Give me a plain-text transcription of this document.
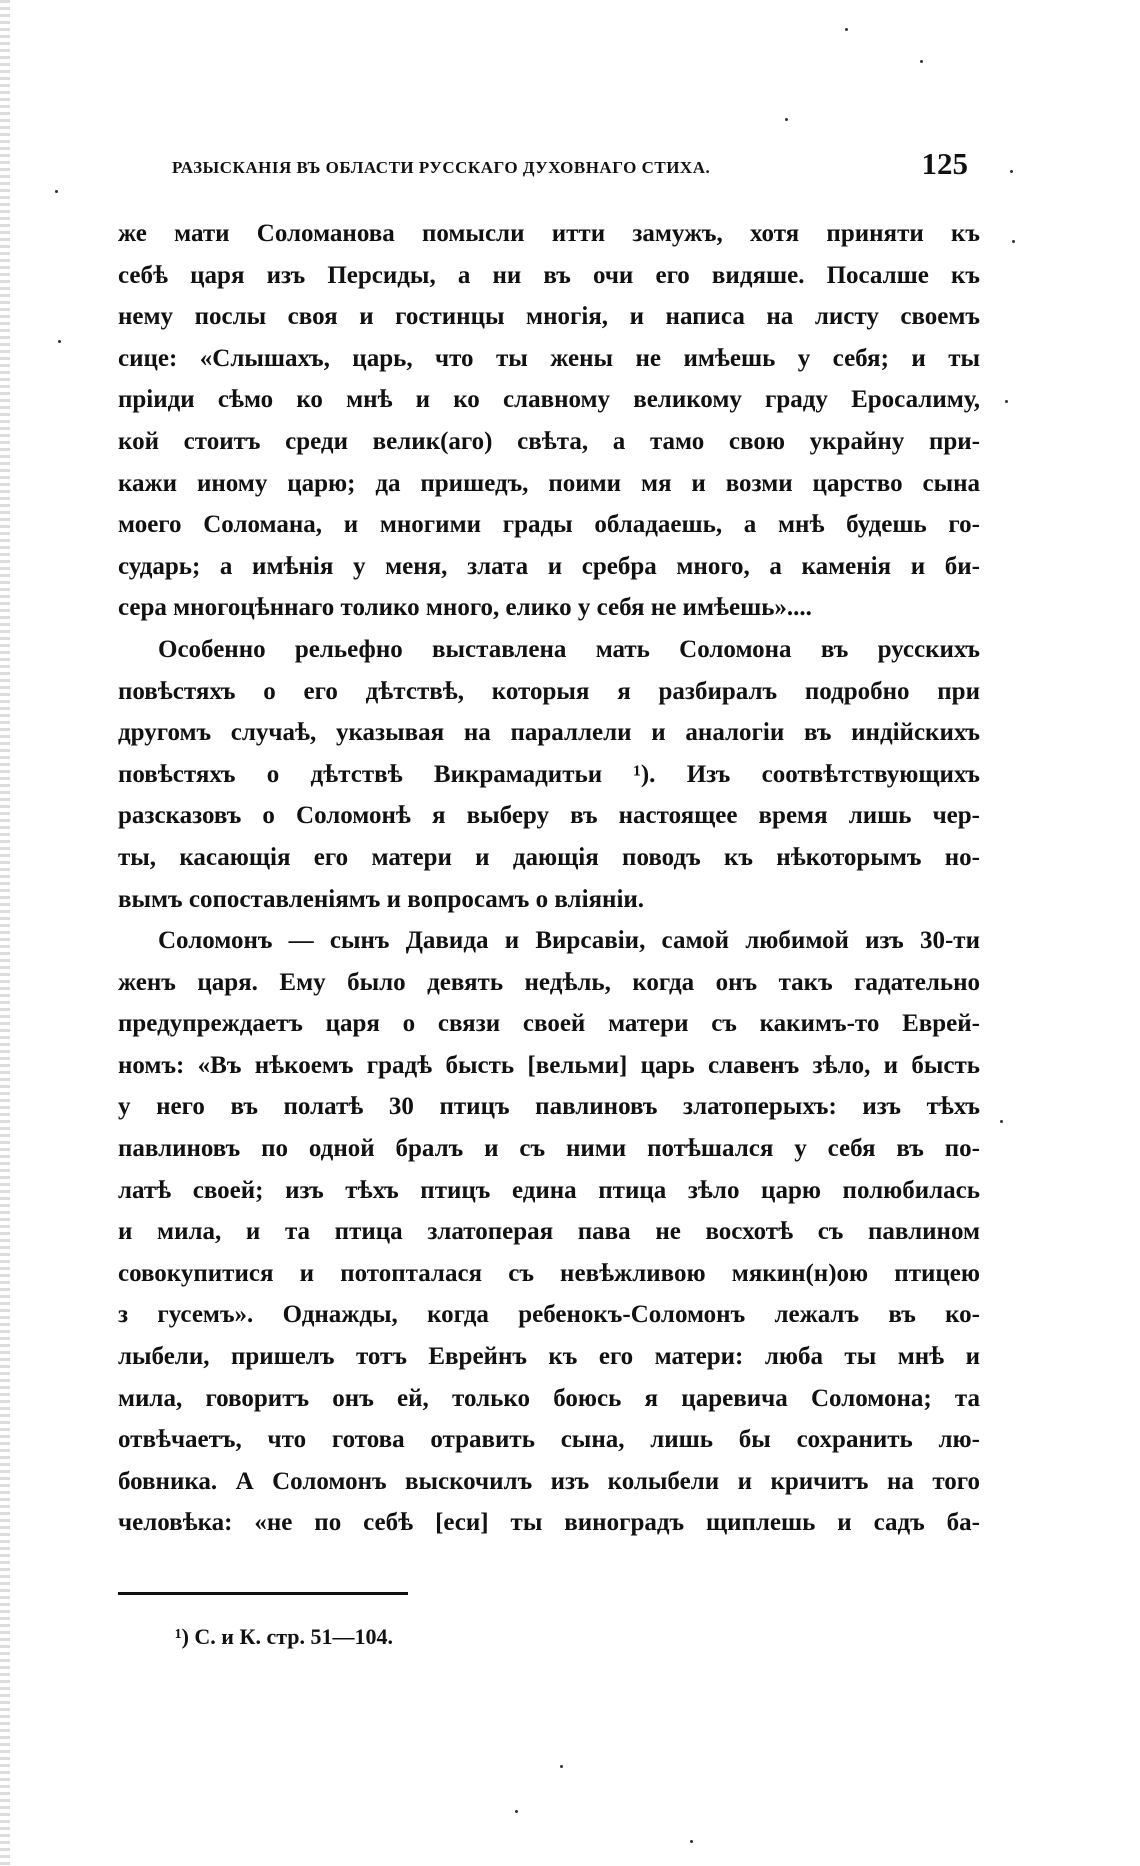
РАЗЫСКАНІЯ ВЪ ОБЛАСТИ РУССКАГО ДУХОВНАГО СТИХА.	125
же мати Соломанова помысли итти замужъ, хотя приняти къ
себѣ царя изъ Персиды, а ни въ очи его видяше. Посалше къ
нему послы своя и гостинцы многія, и написа на листу своемъ
сице: «Слышахъ, царь, что ты жены не имѣешь у себя; и ты
пріиди сѣмо ко мнѣ и ко славному великому граду Еросалиму,
кой стоитъ среди велик(аго) свѣта, а тамо свою украйну при-
кажи иному царю; да пришедъ, поими мя и возми царство сына
моего Соломана, и многими грады обладаешь, а мнѣ будешь го-
сударь; а имѣнія у меня, злата и сребра много, а каменія и би-
сера многоцѣннаго толико много, елико у себя не имѣешь»....
Особенно рельефно выставлена мать Соломона въ русскихъ
повѣстяхъ о его дѣтствѣ, которыя я разбиралъ подробно при
другомъ случаѣ, указывая на параллели и аналогіи въ индійскихъ
повѣстяхъ о дѣтствѣ Викрамадитьи ¹). Изъ соотвѣтствующихъ
разсказовъ о Соломонѣ я выберу въ настоящее время лишь чер-
ты, касающія его матери и дающія поводъ къ нѣкоторымъ но-
вымъ сопоставленіямъ и вопросамъ о вліяніи.
Соломонъ — сынъ Давида и Вирсавіи, самой любимой изъ 30-ти
женъ царя. Ему было девять недѣль, когда онъ такъ гадательно
предупреждаетъ царя о связи своей матери съ какимъ-то Еврей-
номъ: «Въ нѣкоемъ градѣ бысть [вельми] царь славенъ зѣло, и бысть
у него въ полатѣ 30 птицъ павлиновъ златоперыхъ: изъ тѣхъ
павлиновъ по одной бралъ и съ ними потѣшался у себя въ по-
латѣ своей; изъ тѣхъ птицъ едина птица зѣло царю полюбилась
и мила, и та птица златоперая пава не восхотѣ съ павлином
совокупитися и потопталася съ невѣжливою мякин(н)ою птицею
з гусемъ». Однажды, когда ребенокъ-Соломонъ лежалъ въ ко-
лыбели, пришелъ тотъ Еврейнъ къ его матери: люба ты мнѣ и
мила, говоритъ онъ ей, только боюсь я царевича Соломона; та
отвѣчаетъ, что готова отравить сына, лишь бы сохранить лю-
бовника. А Соломонъ выскочилъ изъ колыбели и кричитъ на того
человѣка: «не по себѣ [еси] ты виноградъ щиплешь и садъ ба-
¹) С. и К. стр. 51—104.
